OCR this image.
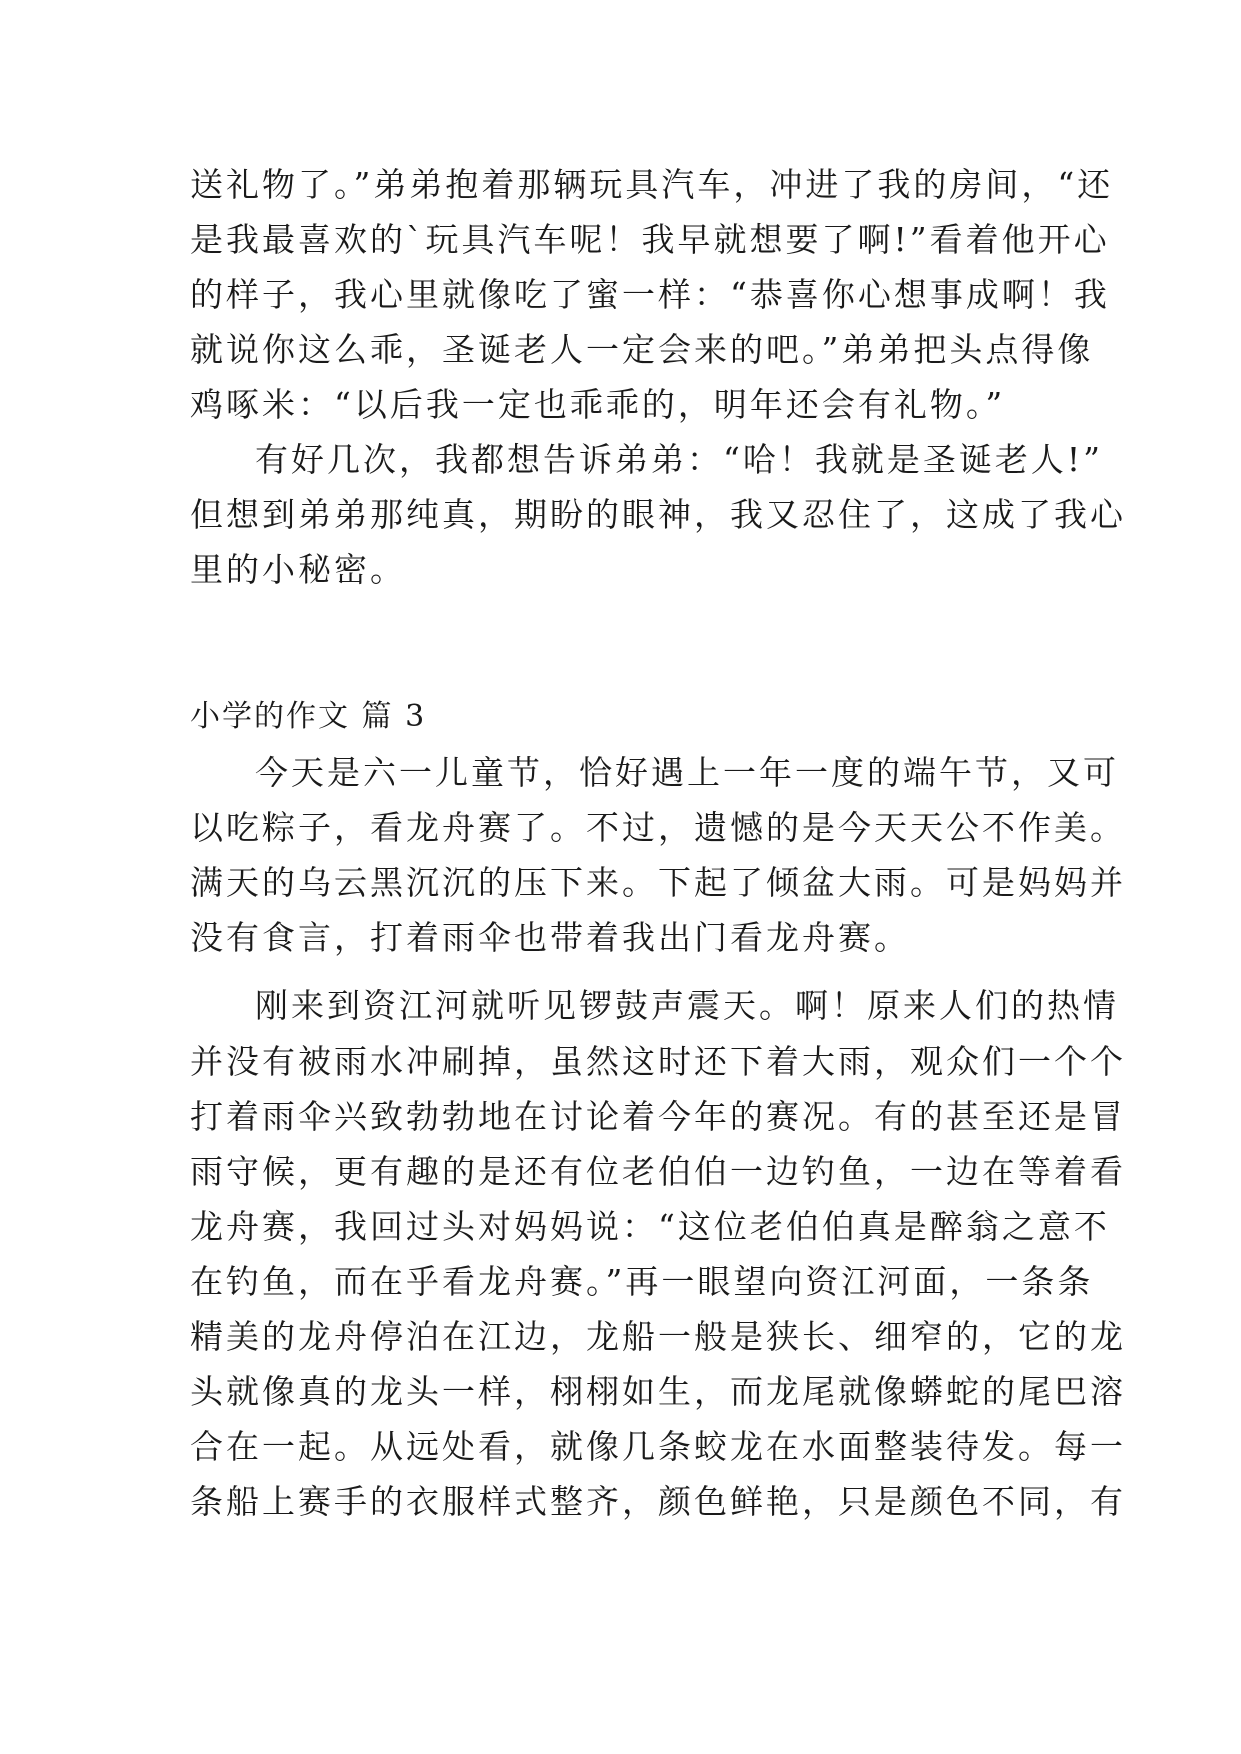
送礼物了。”弟弟抱着那辆玩具汽车，冲进了我的房间，“还
是我最喜欢的`玩具汽车呢！我早就想要了啊!”看着他开心
的样子，我心里就像吃了蜜一样：“恭喜你心想事成啊！我
就说你这么乖，圣诞老人一定会来的吧。”弟弟把头点得像
鸡啄米：“以后我一定也乖乖的，明年还会有礼物。”
有好几次，我都想告诉弟弟：“哈！我就是圣诞老人!”
但想到弟弟那纯真，期盼的眼神，我又忍住了，这成了我心
里的小秘密。
小学的作文 篇 3
今天是六一儿童节，恰好遇上一年一度的端午节，又可
以吃粽子，看龙舟赛了。不过，遗憾的是今天天公不作美。
满天的乌云黑沉沉的压下来。下起了倾盆大雨。可是妈妈并
没有食言，打着雨伞也带着我出门看龙舟赛。
刚来到资江河就听见锣鼓声震天。啊！原来人们的热情
并没有被雨水冲刷掉，虽然这时还下着大雨，观众们一个个
打着雨伞兴致勃勃地在讨论着今年的赛况。有的甚至还是冒
雨守候，更有趣的是还有位老伯伯一边钓鱼，一边在等着看
龙舟赛，我回过头对妈妈说：“这位老伯伯真是醉翁之意不
在钓鱼，而在乎看龙舟赛。”再一眼望向资江河面，一条条
精美的龙舟停泊在江边，龙船一般是狭长、细窄的，它的龙
头就像真的龙头一样，栩栩如生，而龙尾就像蟒蛇的尾巴溶
合在一起。从远处看，就像几条蛟龙在水面整装待发。每一
条船上赛手的衣服样式整齐，颜色鲜艳，只是颜色不同，有
